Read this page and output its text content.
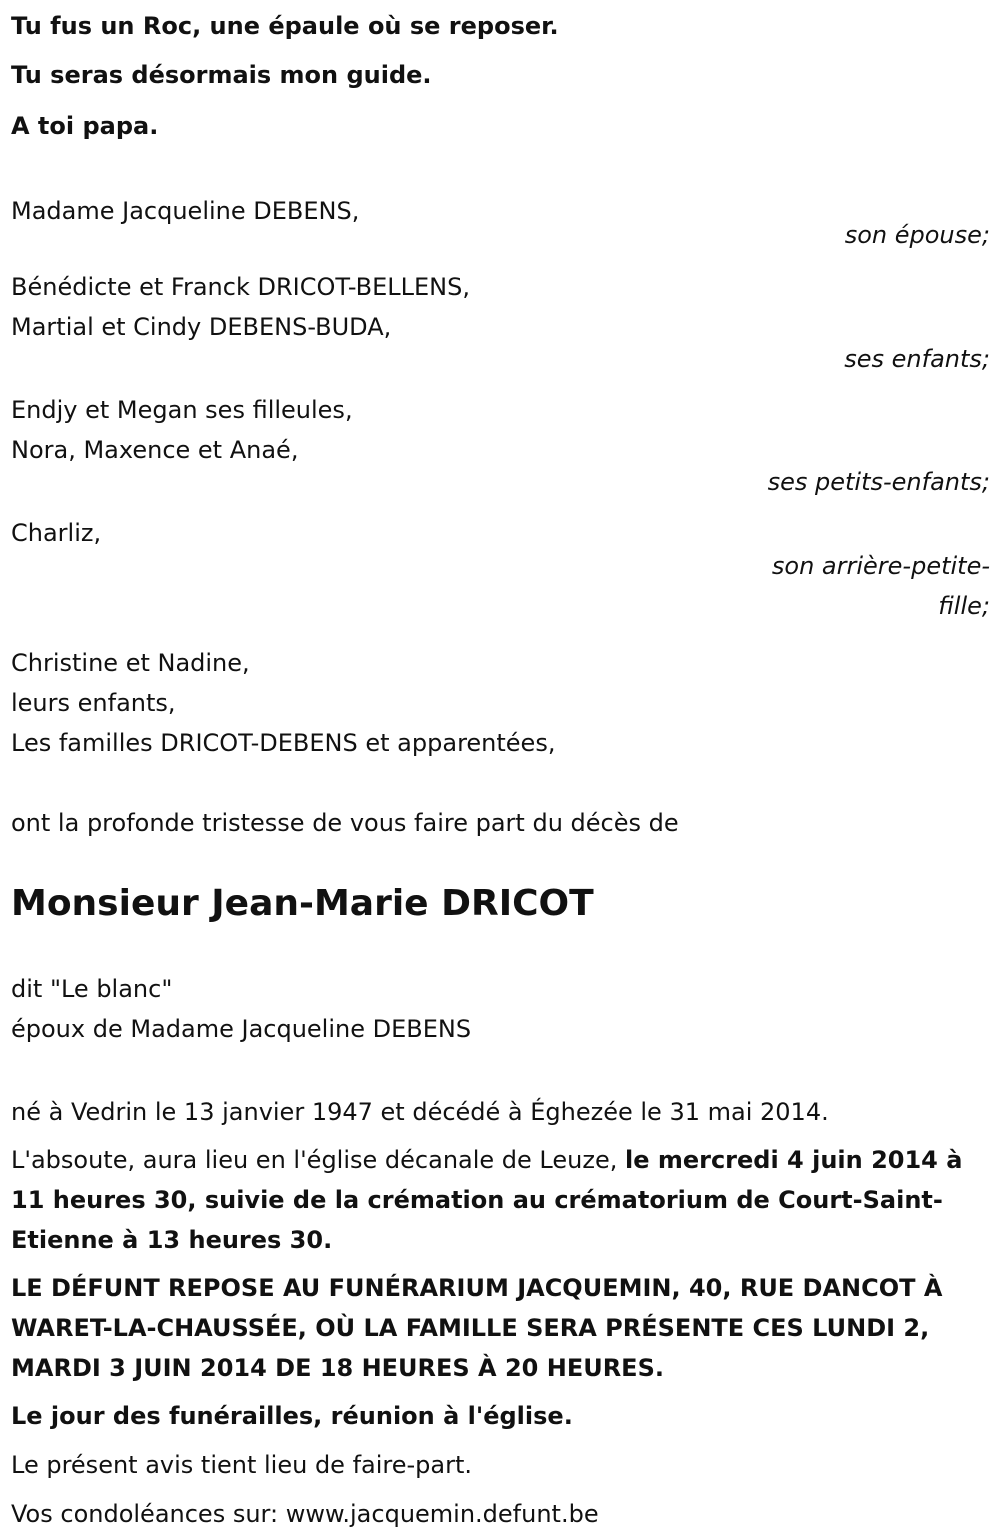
Tu fus un Roc, une épaule où se reposer.
Tu seras désormais mon guide.
A toi papa.
Madame Jacqueline DEBENS,
son épouse;
Bénédicte et Franck DRICOT-BELLENS,
Martial et Cindy DEBENS-BUDA,
ses enfants;
Endjy et Megan ses filleules,
Nora, Maxence et Anaé,
ses petits-enfants;
Charliz,
son arrière-petite-
fille;
Christine et Nadine,
leurs enfants,
Les familles DRICOT-DEBENS et apparentées,
ont la profonde tristesse de vous faire part du décès de
Monsieur Jean-Marie DRICOT
dit "Le blanc"
époux de Madame Jacqueline DEBENS
né à Vedrin le 13 janvier 1947 et décédé à Éghezée le 31 mai 2014.
L'absoute, aura lieu en l'église décanale de Leuze, le mercredi 4 juin 2014 à 11 heures 30, suivie de la crémation au crématorium de Court-Saint-Etienne à 13 heures 30.
LE DÉFUNT REPOSE AU FUNÉRARIUM JACQUEMIN, 40, RUE DANCOT À WARET-LA-CHAUSSÉE, OÙ LA FAMILLE SERA PRÉSENTE CES LUNDI 2, MARDI 3 JUIN 2014 DE 18 HEURES À 20 HEURES.
Le jour des funérailles, réunion à l'église.
Le présent avis tient lieu de faire-part.
Vos condoléances sur: www.jacquemin.defunt.be
